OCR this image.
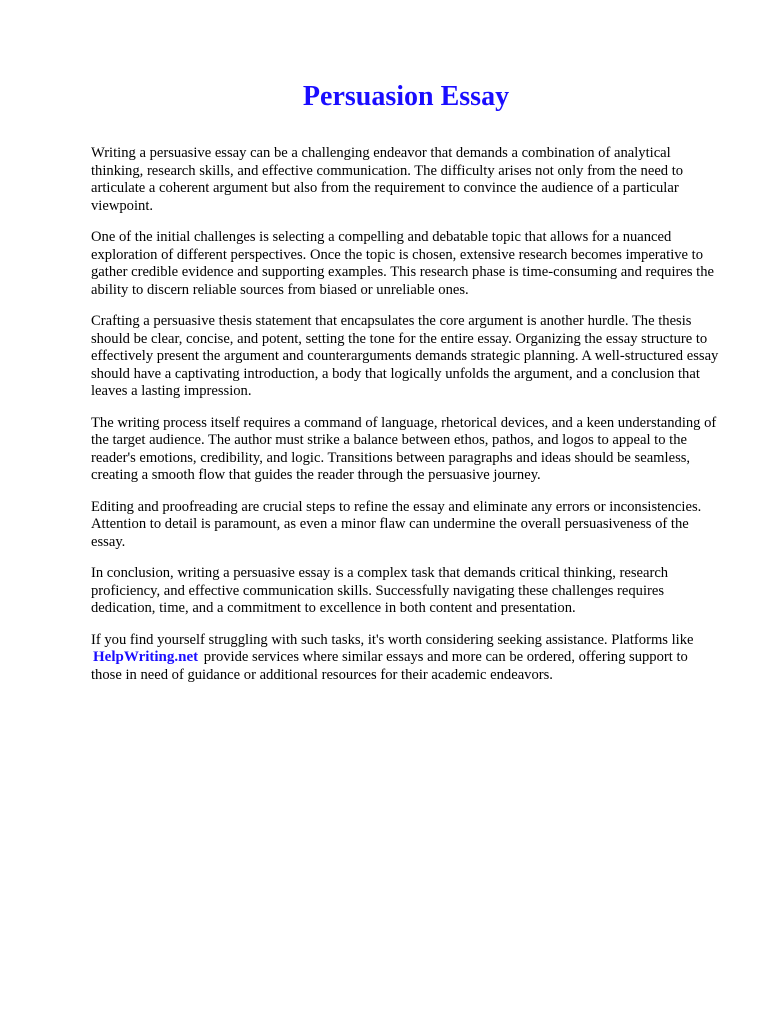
Persuasion Essay

Writing a persuasive essay can be a challenging endeavor that demands a combination of analytical thinking, research skills, and effective communication. The difficulty arises not only from the need to articulate a coherent argument but also from the requirement to convince the audience of a particular viewpoint.

One of the initial challenges is selecting a compelling and debatable topic that allows for a nuanced exploration of different perspectives. Once the topic is chosen, extensive research becomes imperative to gather credible evidence and supporting examples. This research phase is time-consuming and requires the ability to discern reliable sources from biased or unreliable ones.

Crafting a persuasive thesis statement that encapsulates the core argument is another hurdle. The thesis should be clear, concise, and potent, setting the tone for the entire essay. Organizing the essay structure to effectively present the argument and counterarguments demands strategic planning. A well-structured essay should have a captivating introduction, a body that logically unfolds the argument, and a conclusion that leaves a lasting impression.

The writing process itself requires a command of language, rhetorical devices, and a keen understanding of the target audience. The author must strike a balance between ethos, pathos, and logos to appeal to the reader's emotions, credibility, and logic. Transitions between paragraphs and ideas should be seamless, creating a smooth flow that guides the reader through the persuasive journey.

Editing and proofreading are crucial steps to refine the essay and eliminate any errors or inconsistencies. Attention to detail is paramount, as even a minor flaw can undermine the overall persuasiveness of the essay.

In conclusion, writing a persuasive essay is a complex task that demands critical thinking, research proficiency, and effective communication skills. Successfully navigating these challenges requires dedication, time, and a commitment to excellence in both content and presentation.

If you find yourself struggling with such tasks, it's worth considering seeking assistance. Platforms like HelpWriting.net provide services where similar essays and more can be ordered, offering support to those in need of guidance or additional resources for their academic endeavors.
